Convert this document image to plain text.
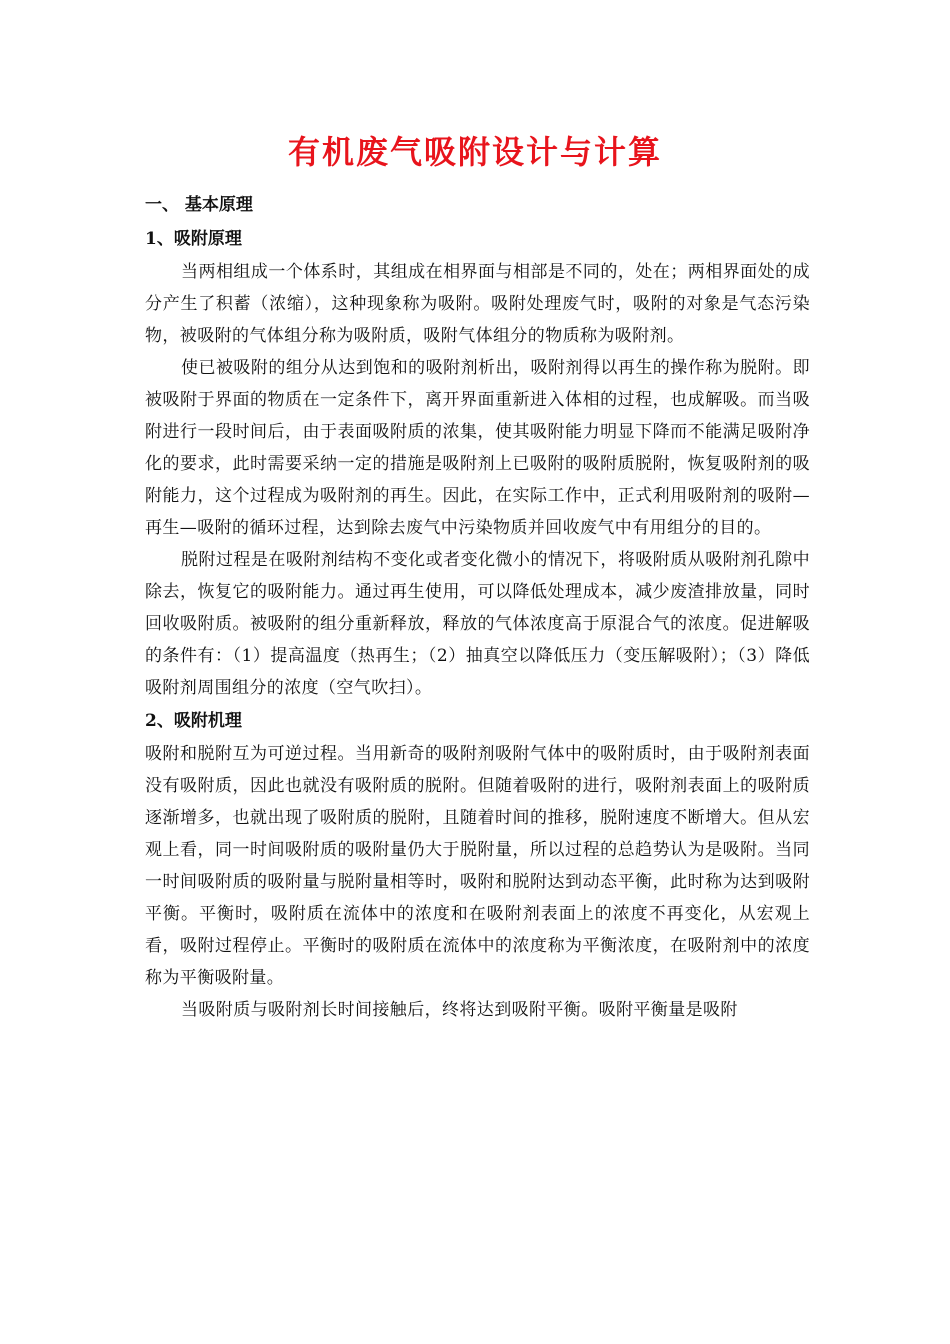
有机废气吸附设计与计算
一、 基本原理
1、吸附原理

当两相组成一个体系时，其组成在相界面与相部是不同的，处在；两相界面处的成分产生了积蓄（浓缩），这种现象称为吸附。吸附处理废气时，吸附的对象是气态污染物，被吸附的气体组分称为吸附质，吸附气体组分的物质称为吸附剂。

使已被吸附的组分从达到饱和的吸附剂析出，吸附剂得以再生的操作称为脱附。即被吸附于界面的物质在一定条件下，离开界面重新进入体相的过程，也成解吸。而当吸附进行一段时间后，由于表面吸附质的浓集，使其吸附能力明显下降而不能满足吸附净化的要求，此时需要采纳一定的措施是吸附剂上已吸附的吸附质脱附，恢复吸附剂的吸附能力，这个过程成为吸附剂的再生。因此，在实际工作中，正式利用吸附剂的吸附—再生—吸附的循环过程，达到除去废气中污染物质并回收废气中有用组分的目的。

脱附过程是在吸附剂结构不变化或者变化微小的情况下，将吸附质从吸附剂孔隙中除去，恢复它的吸附能力。通过再生使用，可以降低处理成本，减少废渣排放量，同时回收吸附质。被吸附的组分重新释放，释放的气体浓度高于原混合气的浓度。促进解吸的条件有：（1）提高温度（热再生；（2）抽真空以降低压力（变压解吸附）；（3）降低吸附剂周围组分的浓度（空气吹扫）。

2、吸附机理

吸附和脱附互为可逆过程。当用新奇的吸附剂吸附气体中的吸附质时，由于吸附剂表面没有吸附质，因此也就没有吸附质的脱附。但随着吸附的进行，吸附剂表面上的吸附质逐渐增多，也就出现了吸附质的脱附，且随着时间的推移，脱附速度不断增大。但从宏观上看，同一时间吸附质的吸附量仍大于脱附量，所以过程的总趋势认为是吸附。当同一时间吸附质的吸附量与脱附量相等时，吸附和脱附达到动态平衡，此时称为达到吸附平衡。平衡时，吸附质在流体中的浓度和在吸附剂表面上的浓度不再变化，从宏观上看，吸附过程停止。平衡时的吸附质在流体中的浓度称为平衡浓度，在吸附剂中的浓度称为平衡吸附量。

当吸附质与吸附剂长时间接触后，终将达到吸附平衡。吸附平衡量是吸附
